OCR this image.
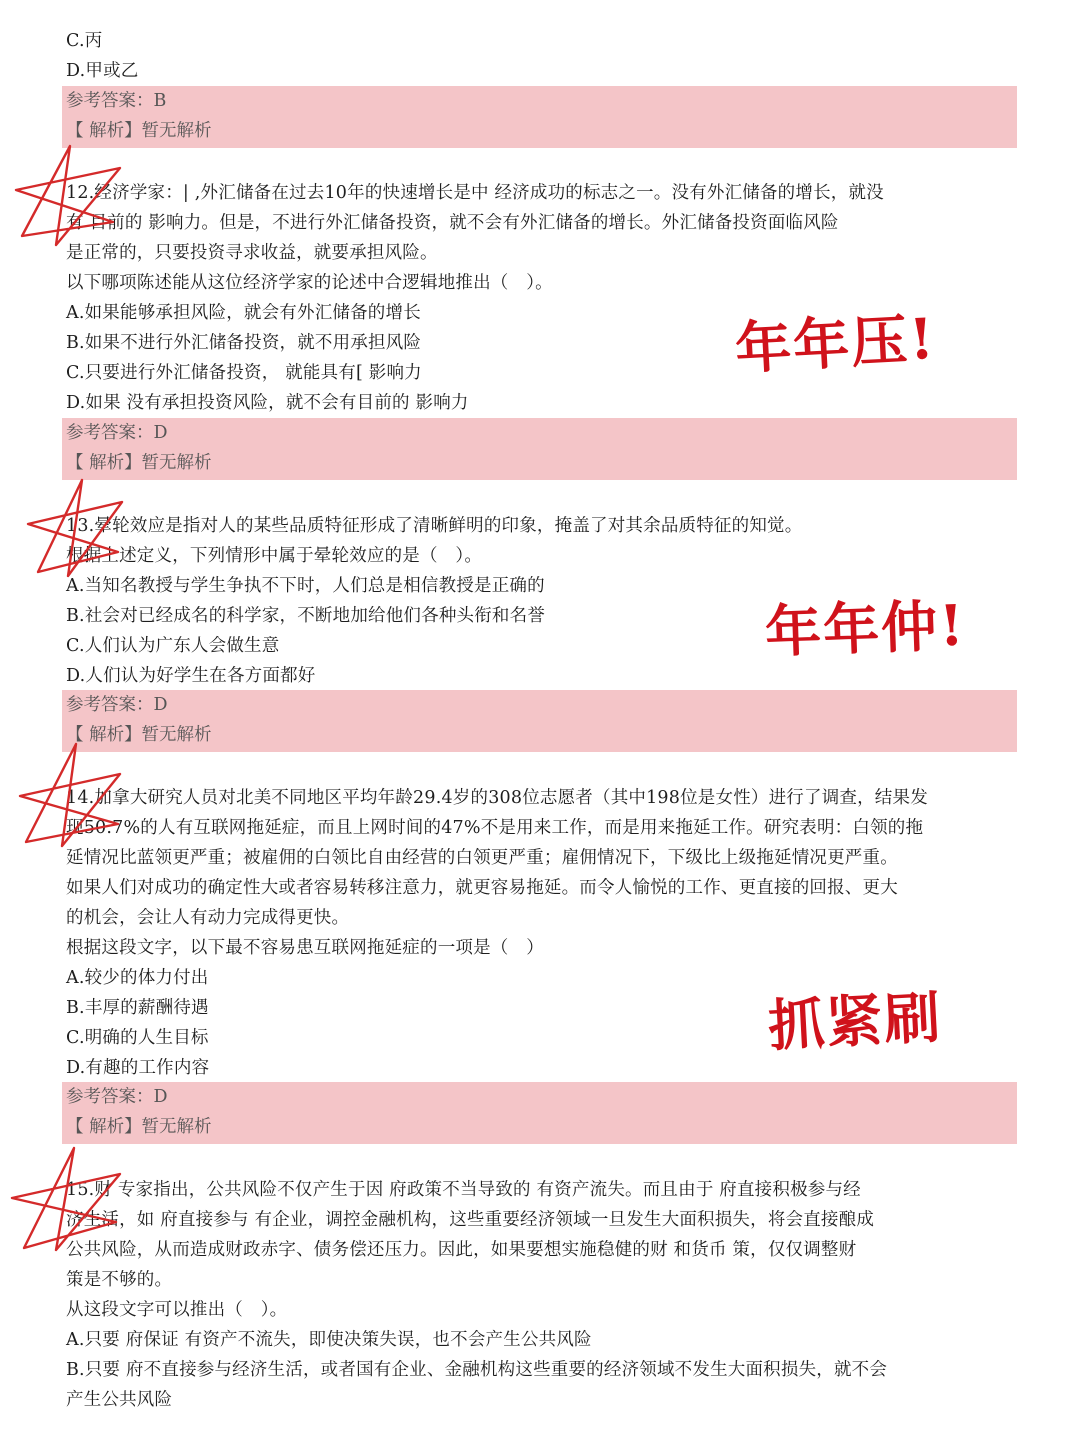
C.丙
D.甲或乙
参考答案：B
【 解析】暂无解析
12.经济学家：| ,外汇储备在过去10年的快速增长是中 经济成功的标志之一。没有外汇储备的增长，就没
有 目前的 影响力。但是，不进行外汇储备投资，就不会有外汇储备的增长。外汇储备投资面临风险
是正常的，只要投资寻求收益，就要承担风险。
以下哪项陈述能从这位经济学家的论述中合逻辑地推出（　）。
A.如果能够承担风险，就会有外汇储备的增长
B.如果不进行外汇储备投资，就不用承担风险
C.只要进行外汇储备投资， 就能具有[ 影响力
D.如果 没有承担投资风险，就不会有目前的 影响力
参考答案：D
【 解析】暂无解析
13.晕轮效应是指对人的某些品质特征形成了清晰鲜明的印象，掩盖了对其余品质特征的知觉。
根据上述定义，下列情形中属于晕轮效应的是（　）。
A.当知名教授与学生争执不下时，人们总是相信教授是正确的
B.社会对已经成名的科学家，不断地加给他们各种头衔和名誉
C.人们认为广东人会做生意
D.人们认为好学生在各方面都好
参考答案：D
【 解析】暂无解析
14.加拿大研究人员对北美不同地区平均年龄29.4岁的308位志愿者（其中198位是女性）进行了调查，结果发
现50.7%的人有互联网拖延症，而且上网时间的47%不是用来工作，而是用来拖延工作。研究表明：白领的拖
延情况比蓝领更严重；被雇佣的白领比自由经营的白领更严重；雇佣情况下，下级比上级拖延情况更严重。
如果人们对成功的确定性大或者容易转移注意力，就更容易拖延。而令人愉悦的工作、更直接的回报、更大
的机会，会让人有动力完成得更快。
根据这段文字，以下最不容易患互联网拖延症的一项是（　）
A.较少的体力付出
B.丰厚的薪酬待遇
C.明确的人生目标
D.有趣的工作内容
参考答案：D
【 解析】暂无解析
15.财 专家指出，公共风险不仅产生于因 府政策不当导致的 有资产流失。而且由于 府直接积极参与经
济生活，如 府直接参与 有企业，调控金融机构，这些重要经济领域一旦发生大面积损失，将会直接酿成
公共风险，从而造成财政赤字、债务偿还压力。因此，如果要想实施稳健的财 和货币 策，仅仅调整财
策是不够的。
从这段文字可以推出（　）。
A.只要 府保证 有资产不流失，即使决策失误，也不会产生公共风险
B.只要 府不直接参与经济生活，或者国有企业、金融机构这些重要的经济领域不发生大面积损失，就不会
产生公共风险
年年压!
年年仲!
抓紧刷
